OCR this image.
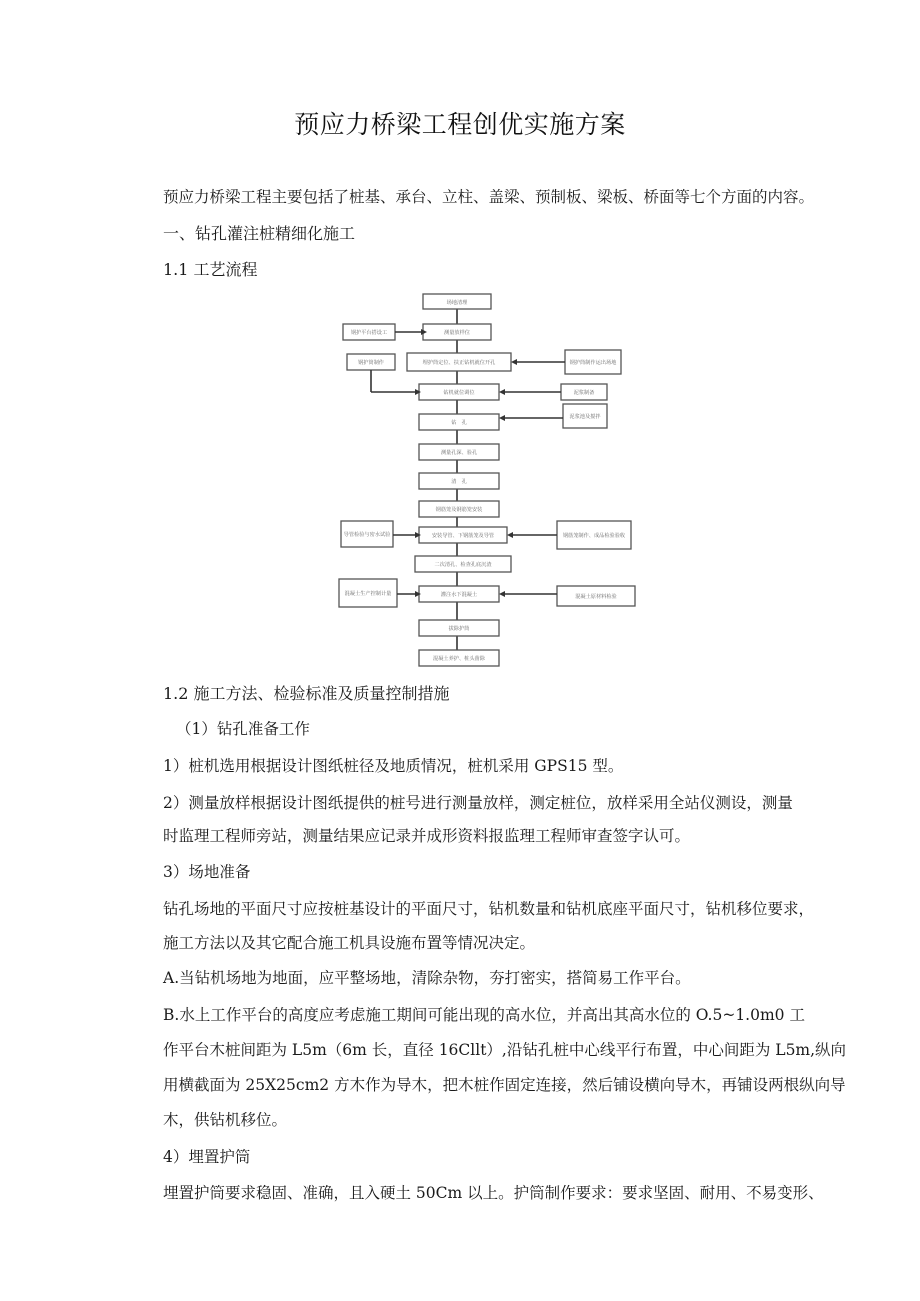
预应力桥梁工程创优实施方案
预应力桥梁工程主要包括了桩基、承台、立柱、盖梁、预制板、梁板、桥面等七个方面的内容。
一、钻孔灌注桩精细化施工
1.1 工艺流程
场地清理
测量放样位
埋护筒定位、扶正钻机就位开孔
钻机就位调位
钻　孔
测量孔深、验孔
清　孔
钢筋笼及钢筋笼安装
安装导管、下钢筋笼及导管
二次清孔、检查孔底沉渣
灌注水下混凝土
拔除护筒
混凝土养护、桩头凿除
钢护平台搭设工
钢护筒制作
导管检验与密水试验
混凝土生产控制计量
钢护筒制作运出场地
泥浆制备
泥浆池及搅拌
钢筋笼制作、成品检验验收
混凝土原材料检验
1.2 施工方法、检验标准及质量控制措施
（1）钻孔准备工作
1）桩机选用根据设计图纸桩径及地质情况，桩机采用 GPS15 型。
2）测量放样根据设计图纸提供的桩号进行测量放样，测定桩位，放样采用全站仪测设，测量
时监理工程师旁站，测量结果应记录并成形资料报监理工程师审查签字认可。
3）场地准备
钻孔场地的平面尺寸应按桩基设计的平面尺寸，钻机数量和钻机底座平面尺寸，钻机移位要求，
施工方法以及其它配合施工机具设施布置等情况决定。
A.当钻机场地为地面，应平整场地，清除杂物，夯打密实，搭简易工作平台。
B.水上工作平台的高度应考虑施工期间可能出现的高水位，并高出其高水位的 O.5~1.0m0 工
作平台木桩间距为 L5m（6m 长，直径 16Cllt）,沿钻孔桩中心线平行布置，中心间距为 L5m,纵向
用横截面为 25X25cm2 方木作为导木，把木桩作固定连接，然后铺设横向导木，再铺设两根纵向导
木，供钻机移位。
4）埋置护筒
埋置护筒要求稳固、准确，且入硬土 50Cm 以上。护筒制作要求：要求坚固、耐用、不易变形、
